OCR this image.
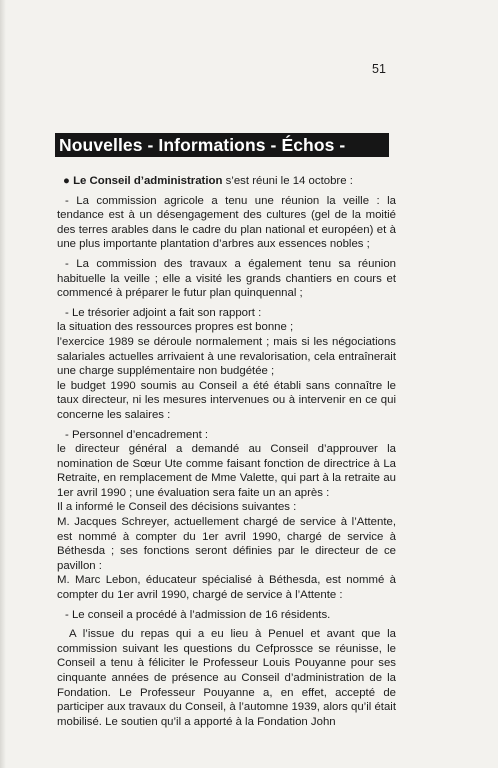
51
Nouvelles - Informations - Échos -

● Le Conseil d’administration s’est réuni le 14 octobre :

- La commission agricole a tenu une réunion la veille : la tendance est à un désengagement des cultures (gel de la moitié des terres arables dans le cadre du plan national et européen) et à une plus importante plantation d’arbres aux essences nobles ;

- La commission des travaux a également tenu sa réunion habituelle la veille ; elle a visité les grands chantiers en cours et commencé à préparer le futur plan quinquennal ;

- Le trésorier adjoint a fait son rapport :

la situation des ressources propres est bonne ;

l’exercice 1989 se déroule normalement ; mais si les négociations salariales actuelles arrivaient à une revalorisation, cela entraînerait une charge supplémentaire non budgétée ;

le budget 1990 soumis au Conseil a été établi sans connaître le taux directeur, ni les mesures intervenues ou à intervenir en ce qui concerne les salaires :

- Personnel d’encadrement :

le directeur général a demandé au Conseil d’approuver la nomination de Sœur Ute comme faisant fonction de directrice à La Retraite, en remplacement de Mme Valette, qui part à la retraite au 1er avril 1990 ; une évaluation sera faite un an après :

Il a informé le Conseil des décisions suivantes :

M. Jacques Schreyer, actuellement chargé de service à l’Attente, est nommé à compter du 1er avril 1990, chargé de service à Béthesda ; ses fonctions seront définies par le directeur de ce pavillon :

M. Marc Lebon, éducateur spécialisé à Béthesda, est nommé à compter du 1er avril 1990, chargé de service à l’Attente :

- Le conseil a procédé à l’admission de 16 résidents.

A l’issue du repas qui a eu lieu à Penuel et avant que la commission suivant les questions du Cefprossce se réunisse, le Conseil a tenu à féliciter le Professeur Louis Pouyanne pour ses cinquante années de présence au Conseil d’administration de la Fondation. Le Professeur Pouyanne a, en effet, accepté de participer aux travaux du Conseil, à l’automne 1939, alors qu’il était mobilisé. Le soutien qu’il a apporté à la Fondation John
